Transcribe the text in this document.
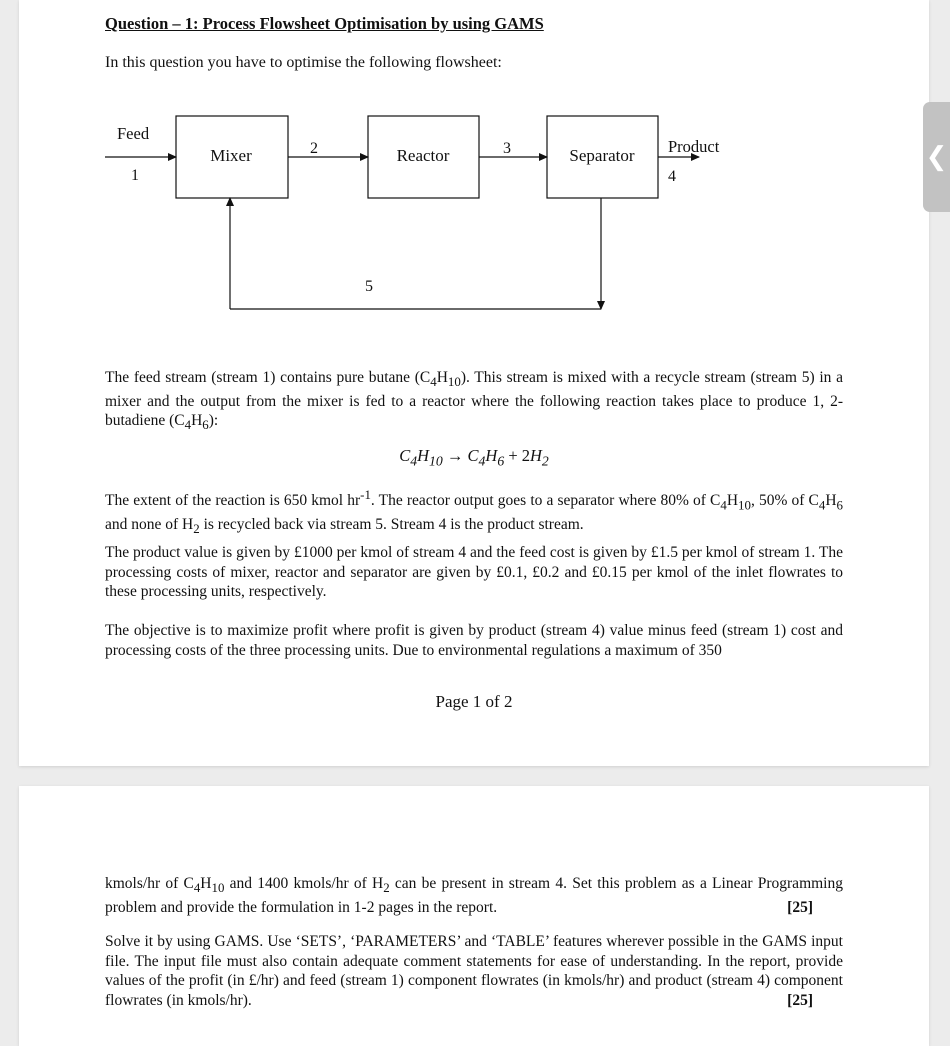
Question – 1: Process Flowsheet Optimisation by using GAMS
In this question you have to optimise the following flowsheet:
Mixer	Reactor	Separator
Feed
1
2	3	Product
4
5

The feed stream (stream 1) contains pure butane $(C_4H_{10})$. This stream is mixed with a recycle stream (stream 5) in a mixer and the output from the mixer is fed to a reactor where the following reaction takes place to produce 1, 2-butadiene $(C_4H_6)$:

$C_4H_{10} \to C_4H_6 + 2H_2$

The extent of the reaction is 650 kmol $hr^{-1}$. The reactor output goes to a separator where 80% of $C_4H_{10}$, 50% of $C_4H_6$ and none of $H_2$ is recycled back via stream 5. Stream 4 is the product stream.

The product value is given by £1000 per kmol of stream 4 and the feed cost is given by £1.5 per kmol of stream 1. The processing costs of mixer, reactor and separator are given by £0.1, £0.2 and £0.15 per kmol of the inlet flowrates to these processing units, respectively.

The objective is to maximize profit where profit is given by product (stream 4) value minus feed (stream 1) cost and processing costs of the three processing units. Due to environmental regulations a maximum of 350

Page 1 of 2

kmols/hr of $C_4H_{10}$ and 1400 kmols/hr of $H_2$ can be present in stream 4. Set this problem as a Linear Programming problem and provide the formulation in 1-2 pages in the report.	[25]

Solve it by using GAMS. Use ‘SETS’, ‘PARAMETERS’ and ‘TABLE’ features wherever possible in the GAMS input file. The input file must also contain adequate comment statements for ease of understanding. In the report, provide values of the profit (in £/hr) and feed (stream 1) component flowrates (in kmols/hr) and product (stream 4) component flowrates (in kmols/hr).	[25]

❮
